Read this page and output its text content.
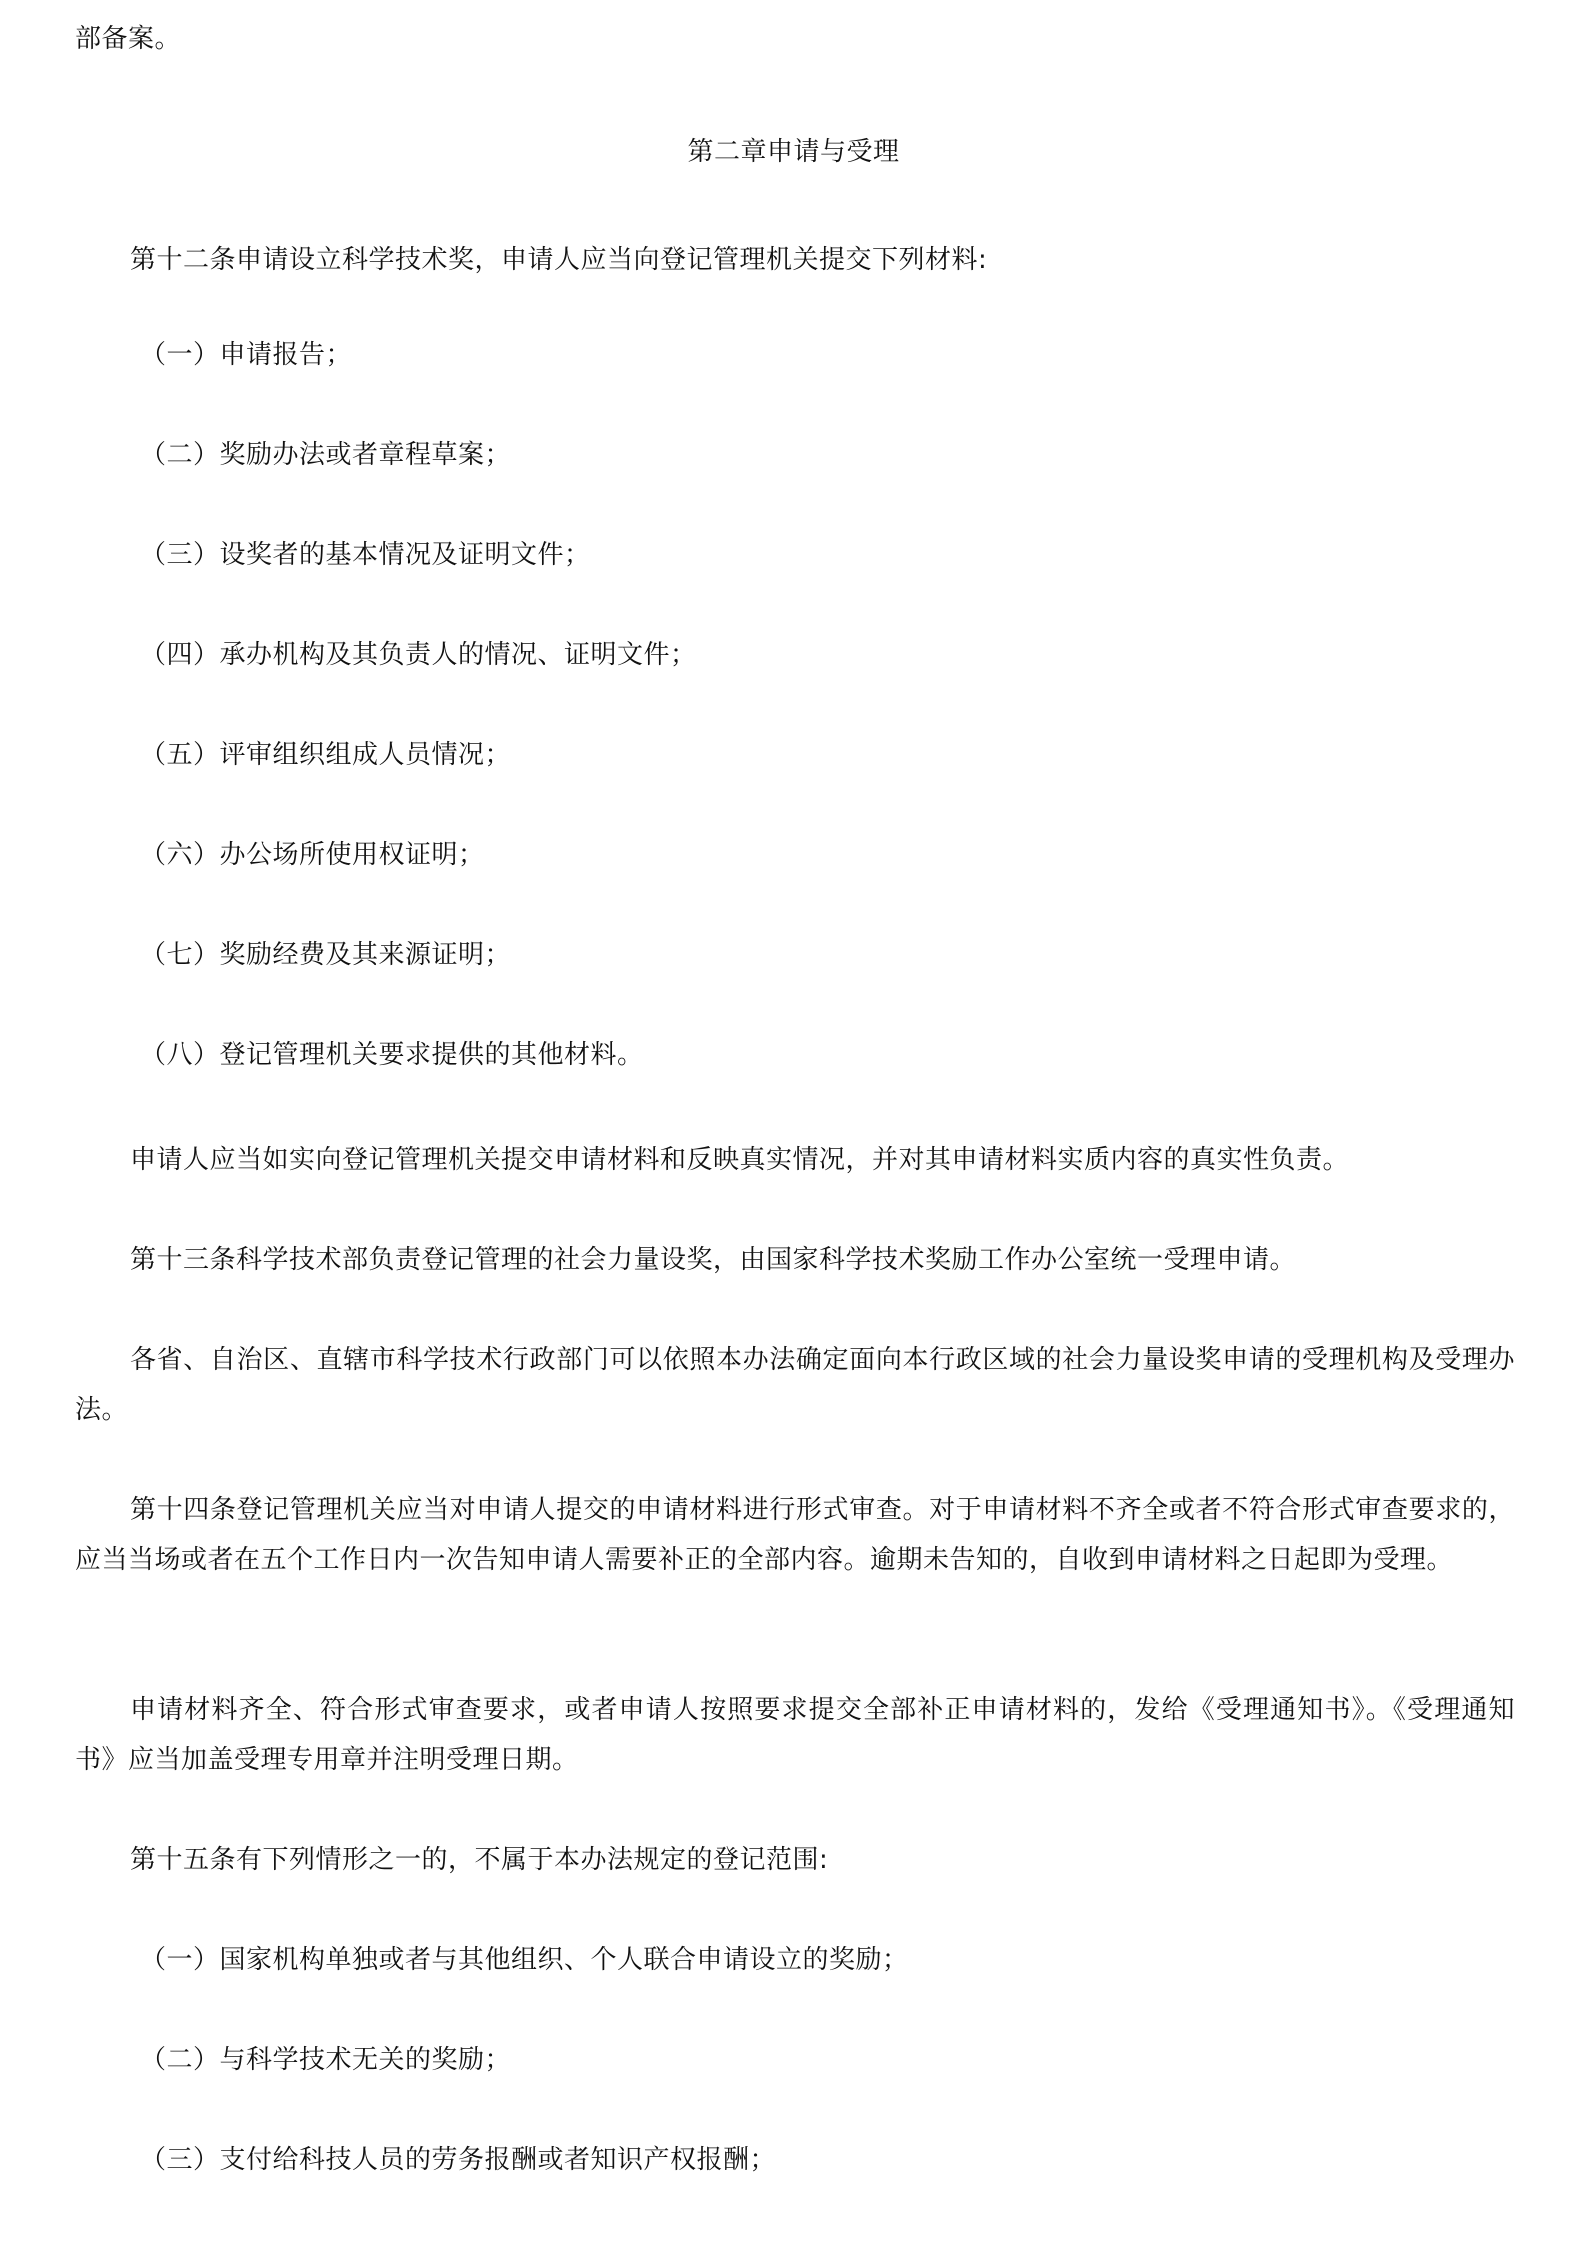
部备案。
第二章申请与受理
第十二条申请设立科学技术奖，申请人应当向登记管理机关提交下列材料:
（一）申请报告；
（二）奖励办法或者章程草案；
（三）设奖者的基本情况及证明文件；
（四）承办机构及其负责人的情况、证明文件；
（五）评审组织组成人员情况；
（六）办公场所使用权证明；
（七）奖励经费及其来源证明；
（八）登记管理机关要求提供的其他材料。
申请人应当如实向登记管理机关提交申请材料和反映真实情况，并对其申请材料实质内容的真实性负责。
第十三条科学技术部负责登记管理的社会力量设奖，由国家科学技术奖励工作办公室统一受理申请。
各省、自治区、直辖市科学技术行政部门可以依照本办法确定面向本行政区域的社会力量设奖申请的受理机构及受理办法。
第十四条登记管理机关应当对申请人提交的申请材料进行形式审查。对于申请材料不齐全或者不符合形式审查要求的，应当当场或者在五个工作日内一次告知申请人需要补正的全部内容。逾期未告知的，自收到申请材料之日起即为受理。
申请材料齐全、符合形式审查要求，或者申请人按照要求提交全部补正申请材料的，发给《受理通知书》。《受理通知书》应当加盖受理专用章并注明受理日期。
第十五条有下列情形之一的，不属于本办法规定的登记范围:
（一）国家机构单独或者与其他组织、个人联合申请设立的奖励；
（二）与科学技术无关的奖励；
（三）支付给科技人员的劳务报酬或者知识产权报酬；
